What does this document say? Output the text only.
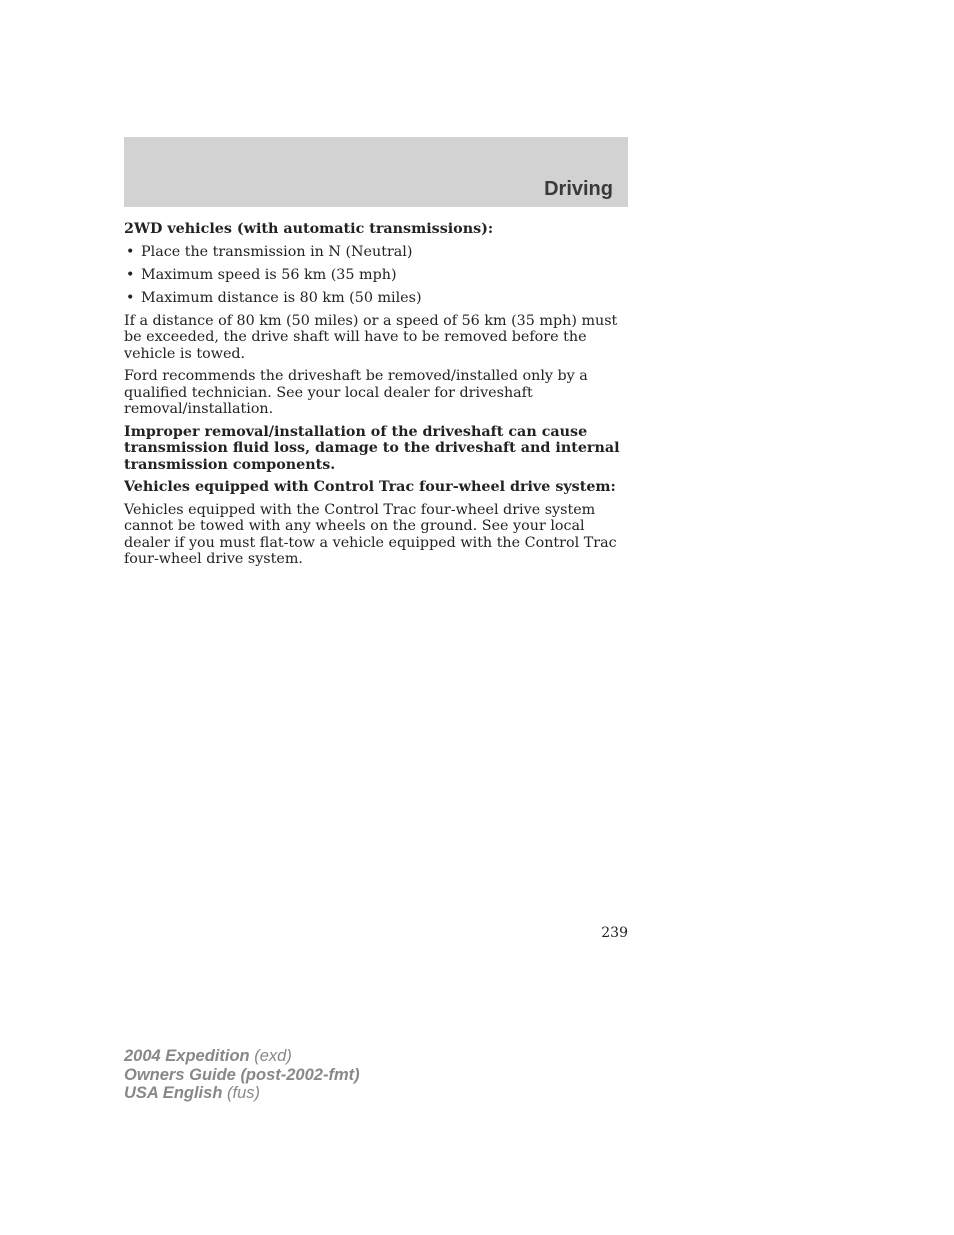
Driving

2WD vehicles (with automatic transmissions):

• Place the transmission in N (Neutral)
• Maximum speed is 56 km (35 mph)
• Maximum distance is 80 km (50 miles)

If a distance of 80 km (50 miles) or a speed of 56 km (35 mph) must be exceeded, the drive shaft will have to be removed before the vehicle is towed.

Ford recommends the driveshaft be removed/installed only by a qualified technician. See your local dealer for driveshaft removal/installation.

Improper removal/installation of the driveshaft can cause transmission fluid loss, damage to the driveshaft and internal transmission components.

Vehicles equipped with Control Trac four-wheel drive system:

Vehicles equipped with the Control Trac four-wheel drive system cannot be towed with any wheels on the ground. See your local dealer if you must flat-tow a vehicle equipped with the Control Trac four-wheel drive system.

239
2004 Expedition (exd)
Owners Guide (post-2002-fmt)
USA English (fus)
